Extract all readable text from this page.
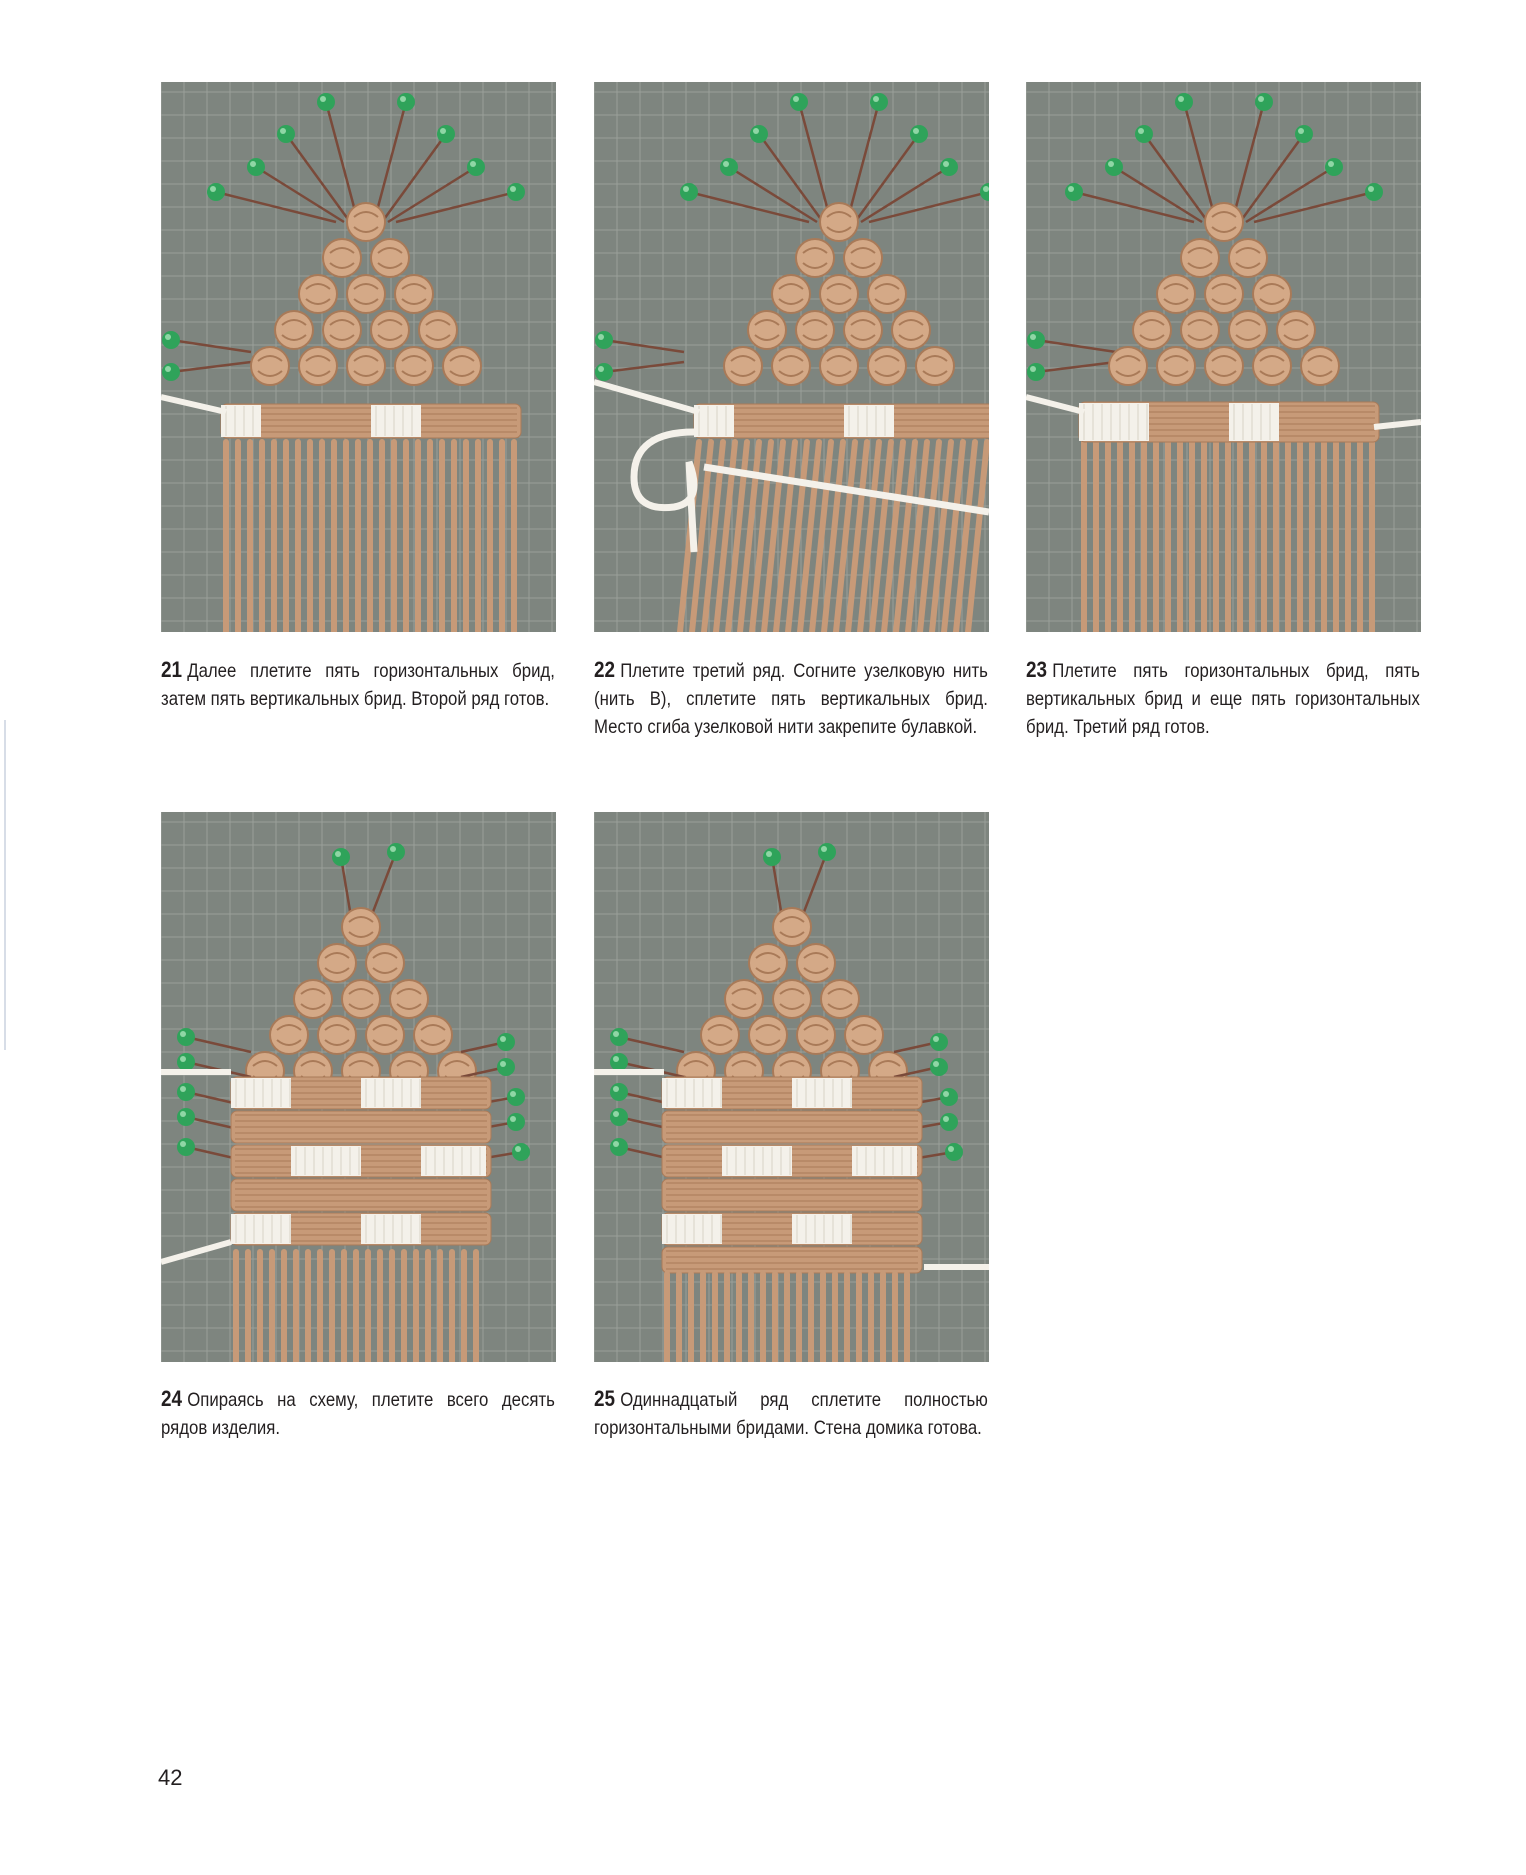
21 Далее плетите пять горизонтальных брид, затем пять вертикальных брид. Второй ряд готов.
22 Плетите третий ряд. Согните узелковую нить (нить В), сплетите пять вертикальных брид. Место сгиба узелковой нити закрепите булавкой.
23 Плетите пять горизонтальных брид, пять вертикальных брид и еще пять горизонтальных брид. Третий ряд готов.
24 Опираясь на схему, плетите всего десять рядов изделия.
25 Одиннадцатый ряд сплетите полностью горизонтальными бридами. Стена домика готова.
42
